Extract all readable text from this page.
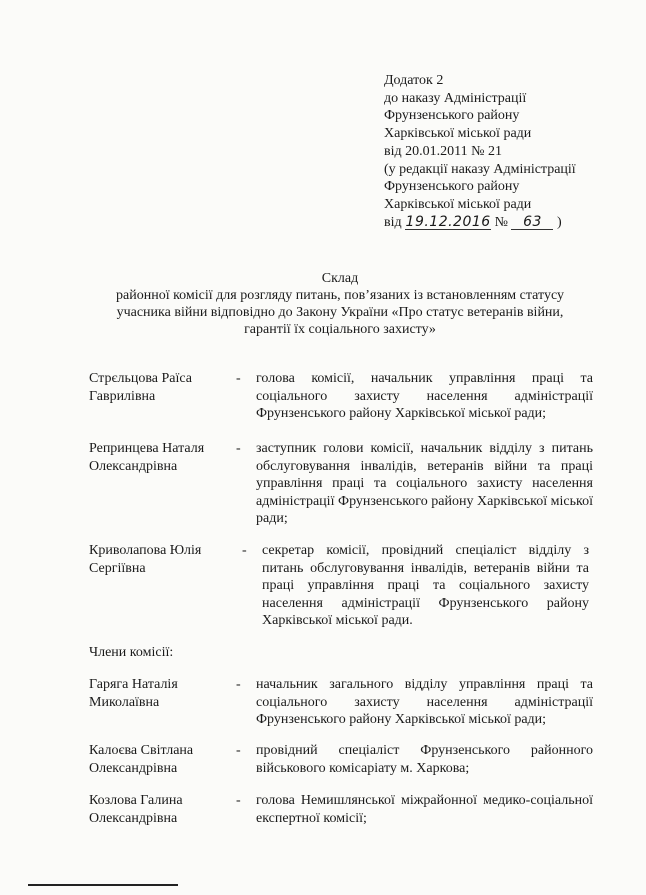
Додаток 2
до наказу Адміністрації
Фрунзенського району
Харківської міської ради
від 20.01.2011 № 21
(у редакції наказу Адміністрації
Фрунзенського району
Харківської міської ради
від 19.12.2016 № 63 )
Склад
районної комісії для розгляду питань, пов’язаних із встановленням статусу
учасника війни відповідно до Закону України «Про статус ветеранів війни,
гарантії їх соціального захисту»
Стрєльцова Раїса Гаврилівна
- голова комісії, начальник управління праці та соціального захисту населення адміністрації Фрунзенського району Харківської міської ради;
Репринцева Наталя Олександрівна
- заступник голови комісії, начальник відділу з питань обслуговування інвалідів, ветеранів війни та праці управління праці та соціального захисту населення адміністрації Фрунзенського району Харківської міської ради;
Криволапова Юлія Сергіївна
- секретар комісії, провідний спеціаліст відділу з питань обслуговування інвалідів, ветеранів війни та праці управління праці та соціального захисту населення адміністрації Фрунзенського району Харківської міської ради.
Члени комісії:
Гаряга Наталія Миколаївна
- начальник загального відділу управління праці та соціального захисту населення адміністрації Фрунзенського району Харківської міської ради;
Калоєва Світлана Олександрівна
- провідний спеціаліст Фрунзенського районного військового комісаріату м. Харкова;
Козлова Галина Олександрівна
- голова Немишлянської міжрайонної медико-соціальної експертної комісії;
